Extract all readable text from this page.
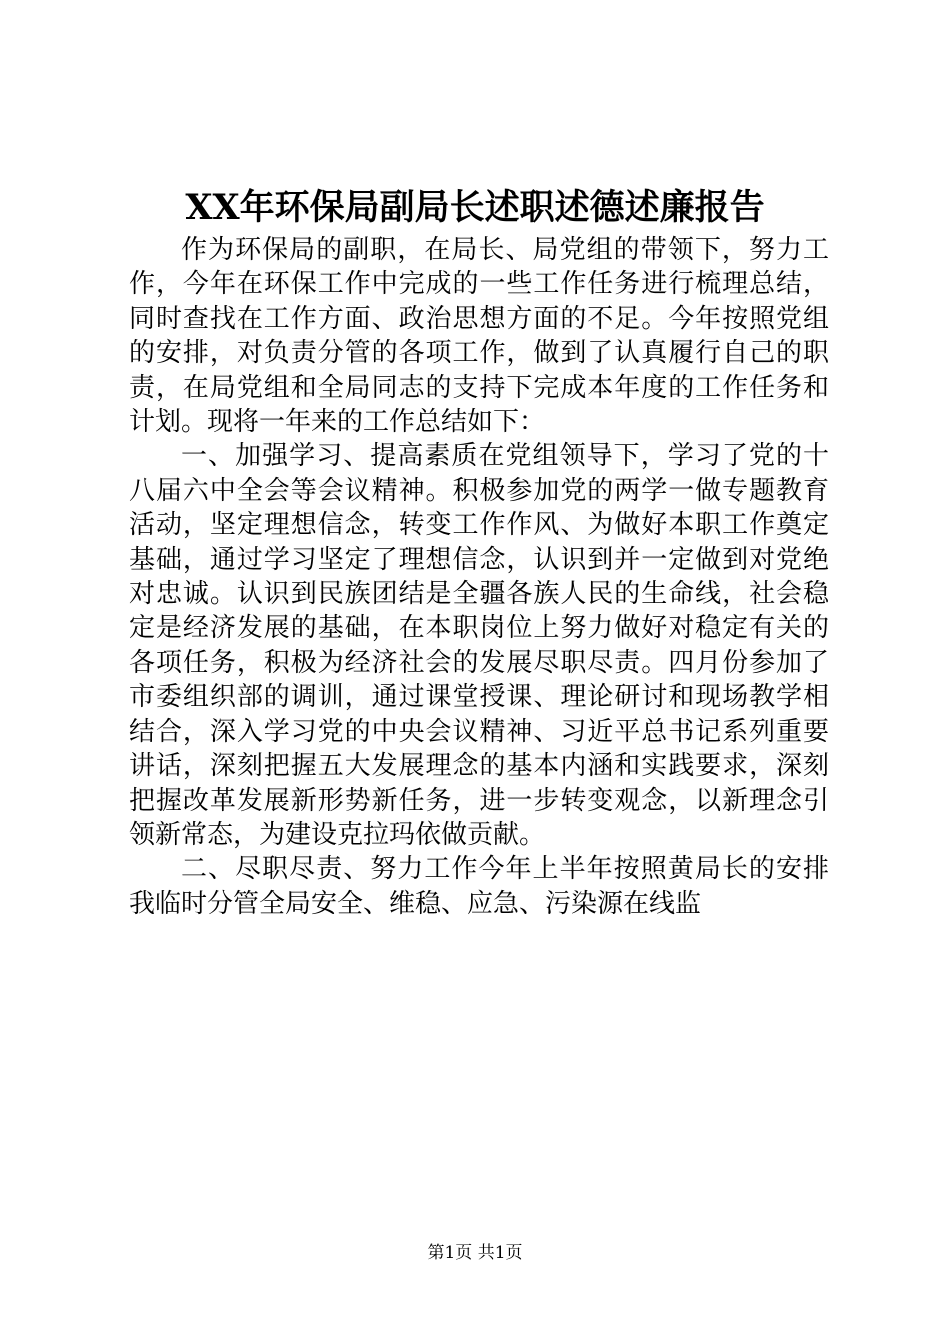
XX年环保局副局长述职述德述廉报告

作为环保局的副职，在局长、局党组的带领下，努力工作，今年在环保工作中完成的一些工作任务进行梳理总结，同时查找在工作方面、政治思想方面的不足。今年按照党组的安排，对负责分管的各项工作，做到了认真履行自己的职责，在局党组和全局同志的支持下完成本年度的工作任务和计划。现将一年来的工作总结如下：

一、加强学习、提高素质在党组领导下，学习了党的十八届六中全会等会议精神。积极参加党的两学一做专题教育活动，坚定理想信念，转变工作作风、为做好本职工作奠定基础，通过学习坚定了理想信念，认识到并一定做到对党绝对忠诚。认识到民族团结是全疆各族人民的生命线，社会稳定是经济发展的基础，在本职岗位上努力做好对稳定有关的各项任务，积极为经济社会的发展尽职尽责。四月份参加了市委组织部的调训，通过课堂授课、理论研讨和现场教学相结合，深入学习党的中央会议精神、习近平总书记系列重要讲话，深刻把握五大发展理念的基本内涵和实践要求，深刻把握改革发展新形势新任务，进一步转变观念，以新理念引领新常态，为建设克拉玛依做贡献。

二、尽职尽责、努力工作今年上半年按照黄局长的安排我临时分管全局安全、维稳、应急、污染源在线监

第1页 共1页
